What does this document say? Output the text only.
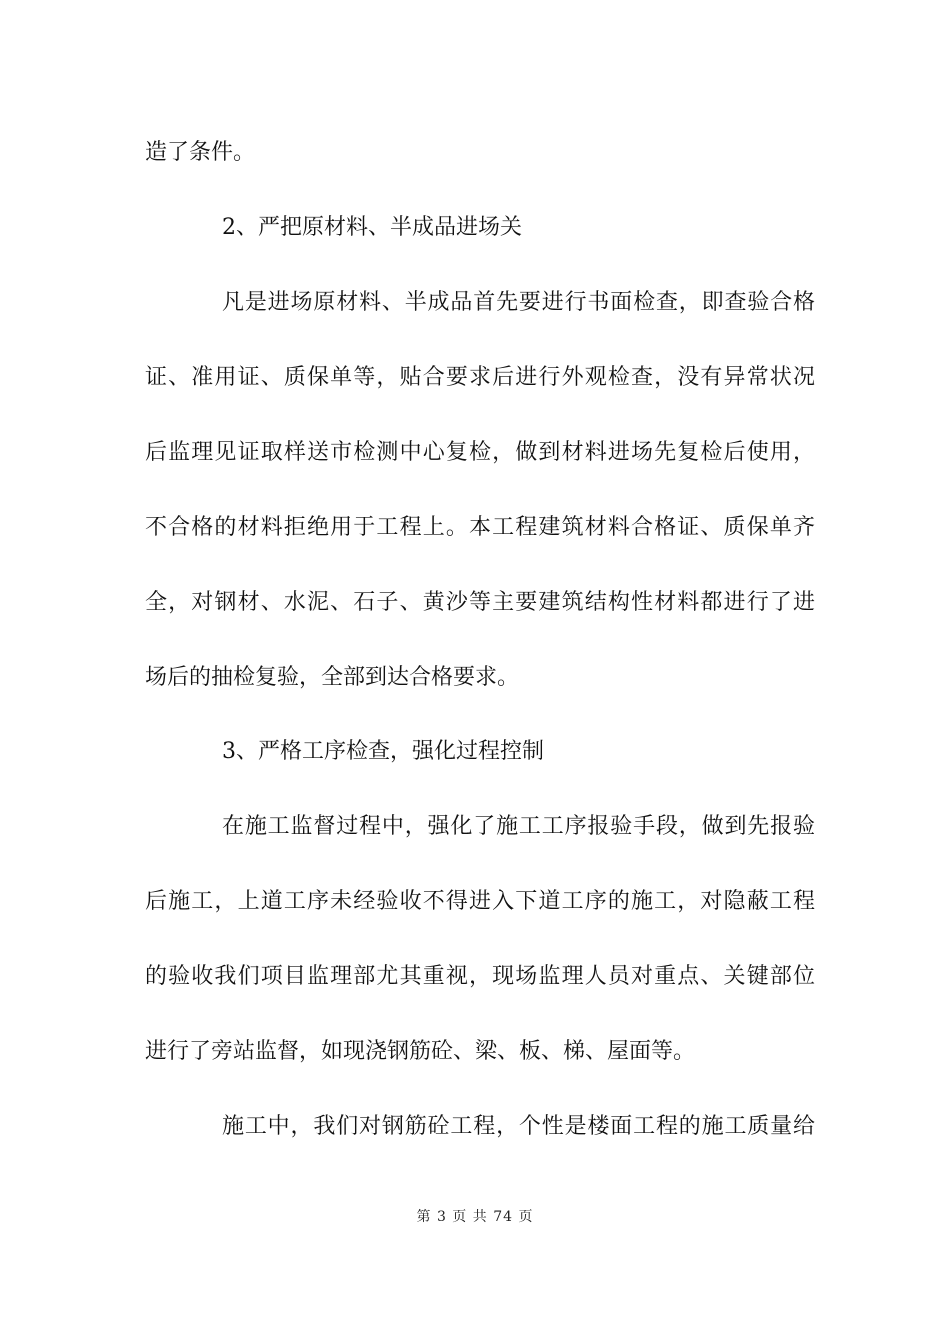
造了条件。
2、严把原材料、半成品进场关
凡是进场原材料、半成品首先要进行书面检查，即查验合格
证、准用证、质保单等，贴合要求后进行外观检查，没有异常状况
后监理见证取样送市检测中心复检，做到材料进场先复检后使用，
不合格的材料拒绝用于工程上。本工程建筑材料合格证、质保单齐
全，对钢材、水泥、石子、黄沙等主要建筑结构性材料都进行了进
场后的抽检复验，全部到达合格要求。
3、严格工序检查，强化过程控制
在施工监督过程中，强化了施工工序报验手段，做到先报验
后施工，上道工序未经验收不得进入下道工序的施工，对隐蔽工程
的验收我们项目监理部尤其重视，现场监理人员对重点、关键部位
进行了旁站监督，如现浇钢筋砼、梁、板、梯、屋面等。
施工中，我们对钢筋砼工程，个性是楼面工程的施工质量给
第 3 页 共 74 页
